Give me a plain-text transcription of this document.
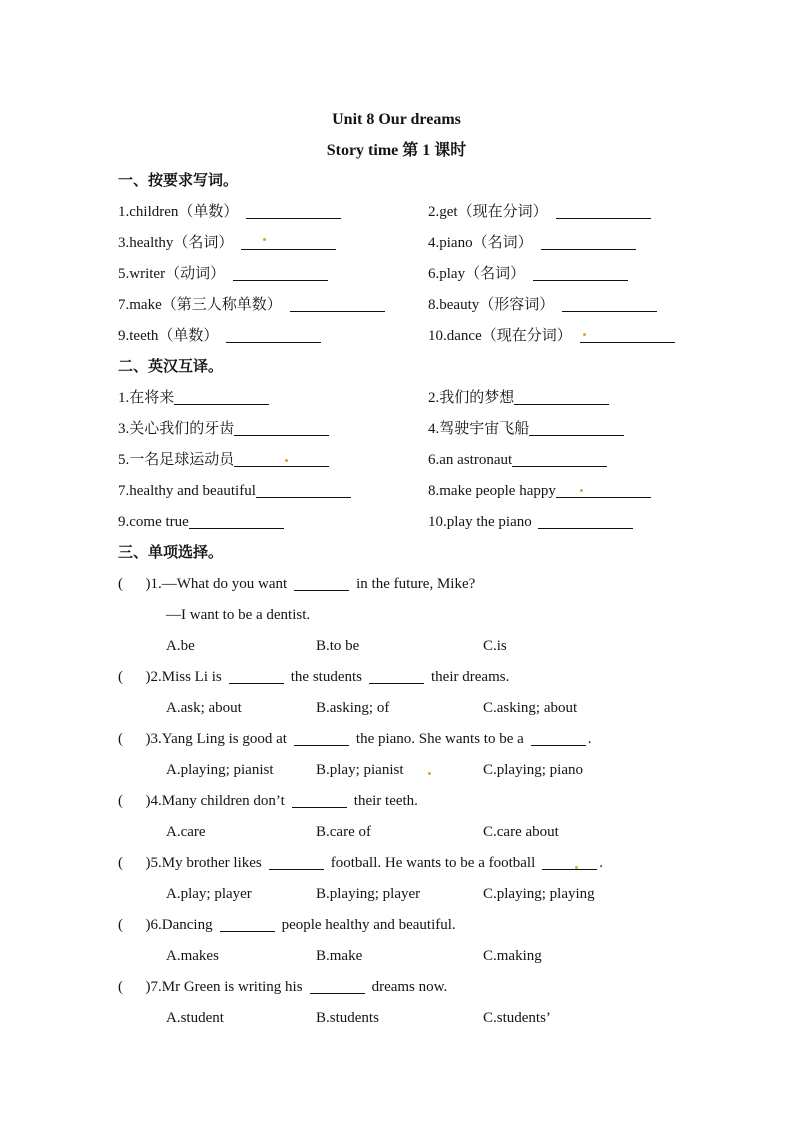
Unit 8 Our dreams
Story time 第 1 课时
一、按要求写词。
1.children（单数）	2.get（现在分词）
3.healthy（名词）	4.piano（名词）
5.writer（动词）	6.play（名词）
7.make（第三人称单数）	8.beauty（形容词）
9.teeth（单数）	10.dance（现在分词）
二、英汉互译。
1.在将来	2.我们的梦想
3.关心我们的牙齿	4.驾驶宇宙飞船
5.一名足球运动员	6.an astronaut
7.healthy and beautiful	8.make people happy
9.come true	10.play the piano
三、单项选择。
(      )1.—What do you want	in the future, Mike?
—I want to be a dentist.
A.be	B.to be	C.is
(      )2.Miss Li is	the students	their dreams.
A.ask; about	B.asking; of	C.asking; about
(      )3.Yang Ling is good at	the piano. She wants to be a	.
A.playing; pianist	B.play; pianist	C.playing; piano
(      )4.Many children don’t	their teeth.
A.care	B.care of	C.care about
(      )5.My brother likes	football. He wants to be a football	.
A.play; player	B.playing; player	C.playing; playing
(      )6.Dancing	people healthy and beautiful.
A.makes	B.make	C.making
(      )7.Mr Green is writing his	dreams now.
A.student	B.students	C.students’
